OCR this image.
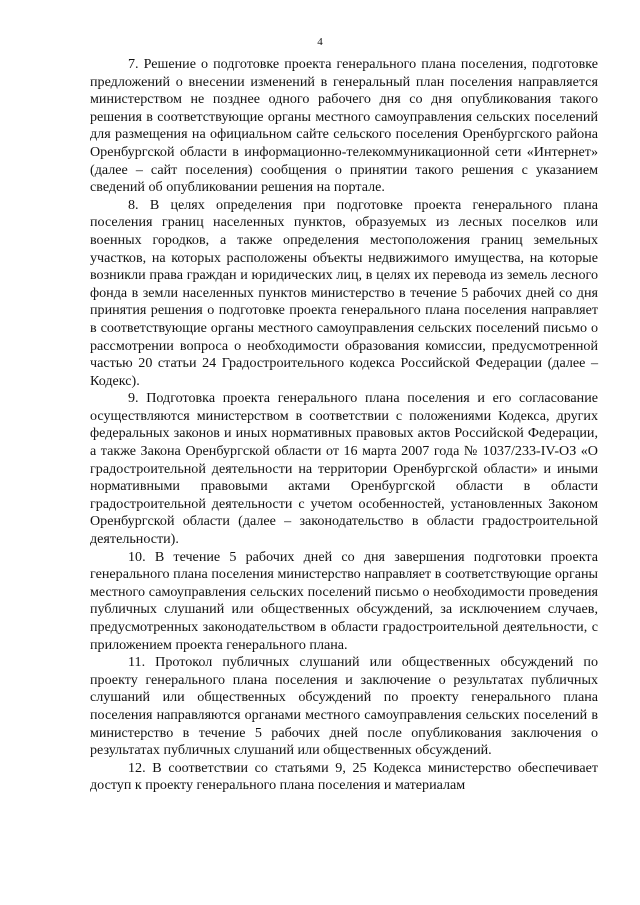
4

7. Решение о подготовке проекта генерального плана поселения, подготовке предложений о внесении изменений в генеральный план поселения направляется министерством не позднее одного рабочего дня со дня опубликования такого решения в соответствующие органы местного самоуправления сельских поселений для размещения на официальном сайте сельского поселения Оренбургского района Оренбургской области в информационно-телекоммуникационной сети «Интернет» (далее – сайт поселения) сообщения о принятии такого решения с указанием сведений об опубликовании решения на портале.

8. В целях определения при подготовке проекта генерального плана поселения границ населенных пунктов, образуемых из лесных поселков или военных городков, а также определения местоположения границ земельных участков, на которых расположены объекты недвижимого имущества, на которые возникли права граждан и юридических лиц, в целях их перевода из земель лесного фонда в земли населенных пунктов министерство в течение 5 рабочих дней со дня принятия решения о подготовке проекта генерального плана поселения направляет в соответствующие органы местного самоуправления сельских поселений письмо о рассмотрении вопроса о необходимости образования комиссии, предусмотренной частью 20 статьи 24 Градостроительного кодекса Российской Федерации (далее – Кодекс).

9. Подготовка проекта генерального плана поселения и его согласование осуществляются министерством в соответствии с положениями Кодекса, других федеральных законов и иных нормативных правовых актов Российской Федерации, а также Закона Оренбургской области от 16 марта 2007 года № 1037/233-IV-ОЗ «О градостроительной деятельности на территории Оренбургской области» и иными нормативными правовыми актами Оренбургской области в области градостроительной деятельности с учетом особенностей, установленных Законом Оренбургской области (далее – законодательство в области градостроительной деятельности).

10. В течение 5 рабочих дней со дня завершения подготовки проекта генерального плана поселения министерство направляет в соответствующие органы местного самоуправления сельских поселений письмо о необходимости проведения публичных слушаний или общественных обсуждений, за исключением случаев, предусмотренных законодательством в области градостроительной деятельности, с приложением проекта генерального плана.

11. Протокол публичных слушаний или общественных обсуждений по проекту генерального плана поселения и заключение о результатах публичных слушаний или общественных обсуждений по проекту генерального плана поселения направляются органами местного самоуправления сельских поселений в министерство в течение 5 рабочих дней после опубликования заключения о результатах публичных слушаний или общественных обсуждений.

12. В соответствии со статьями 9, 25 Кодекса министерство обеспечивает доступ к проекту генерального плана поселения и материалам
